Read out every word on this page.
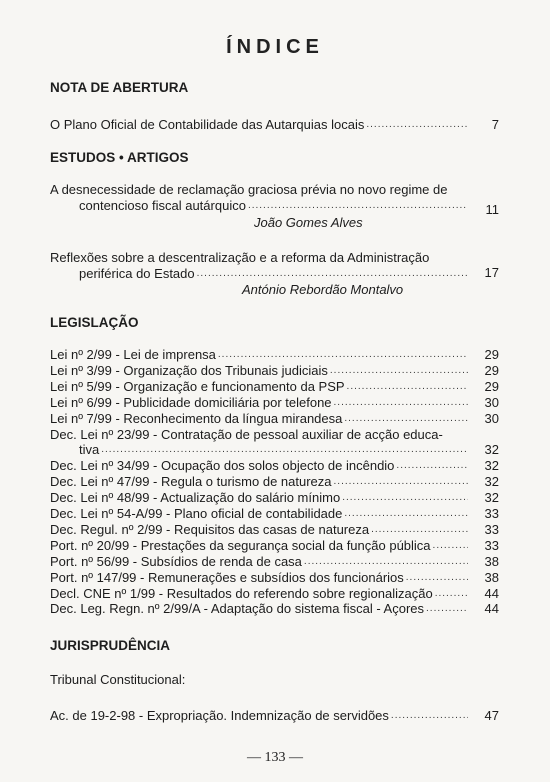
ÍNDICE
NOTA DE ABERTURA
O Plano Oficial de Contabilidade das Autarquias locais .....	7
ESTUDOS • ARTIGOS
A desnecessidade de reclamação graciosa prévia no novo regime de
contencioso fiscal autárquico .....	11
João Gomes Alves
Reflexões sobre a descentralização e a reforma da Administração
periférica do Estado .....	17
António Rebordão Montalvo
LEGISLAÇÃO
Lei nº 2/99 - Lei de imprensa .....	29
Lei nº 3/99 - Organização dos Tribunais judiciais .....	29
Lei nº 5/99 - Organização e funcionamento da PSP .....	29
Lei nº 6/99 - Publicidade domiciliária por telefone .....	30
Lei nº 7/99 - Reconhecimento da língua mirandesa .....	30
Dec. Lei nº 23/99 - Contratação de pessoal auxiliar de acção educa-
tiva .....	32
Dec. Lei nº 34/99 - Ocupação dos solos objecto de incêndio .....	32
Dec. Lei nº 47/99 - Regula o turismo de natureza .....	32
Dec. Lei nº 48/99 - Actualização do salário mínimo .....	32
Dec. Lei nº 54-A/99 - Plano oficial de contabilidade .....	33
Dec. Regul. nº 2/99 - Requisitos das casas de natureza .....	33
Port. nº 20/99 - Prestações da segurança social da função pública .....	33
Port. nº 56/99 - Subsídios de renda de casa .....	38
Port. nº 147/99 - Remunerações e subsídios dos funcionários .....	38
Decl. CNE nº 1/99 - Resultados do referendo sobre regionalização .....	44
Dec. Leg. Regn. nº 2/99/A - Adaptação do sistema fiscal - Açores .....	44
JURISPRUDÊNCIA
Tribunal Constitucional:
Ac. de 19-2-98 - Expropriação. Indemnização de servidões .....	47
— 133 —
